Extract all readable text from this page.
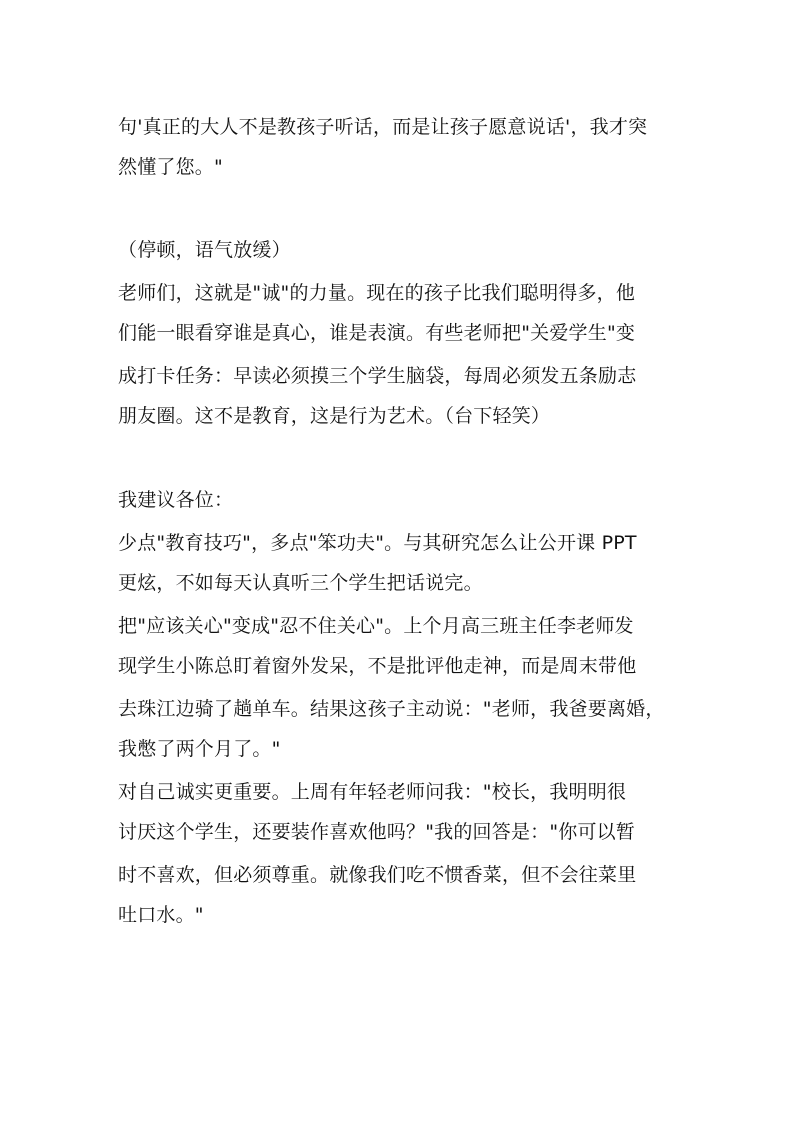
句'真正的大人不是教孩子听话，而是让孩子愿意说话'，我才突
然懂了您。"
（停顿，语气放缓）
老师们，这就是"诚"的力量。现在的孩子比我们聪明得多，他
们能一眼看穿谁是真心，谁是表演。有些老师把"关爱学生"变
成打卡任务：早读必须摸三个学生脑袋，每周必须发五条励志
朋友圈。这不是教育，这是行为艺术。（台下轻笑）
我建议各位：
少点"教育技巧"，多点"笨功夫"。与其研究怎么让公开课 PPT
更炫，不如每天认真听三个学生把话说完。
把"应该关心"变成"忍不住关心"。上个月高三班主任李老师发
现学生小陈总盯着窗外发呆，不是批评他走神，而是周末带他
去珠江边骑了趟单车。结果这孩子主动说："老师，我爸要离婚，
我憋了两个月了。"
对自己诚实更重要。上周有年轻老师问我："校长，我明明很
讨厌这个学生，还要装作喜欢他吗？"我的回答是："你可以暂
时不喜欢，但必须尊重。就像我们吃不惯香菜，但不会往菜里
吐口水。"
